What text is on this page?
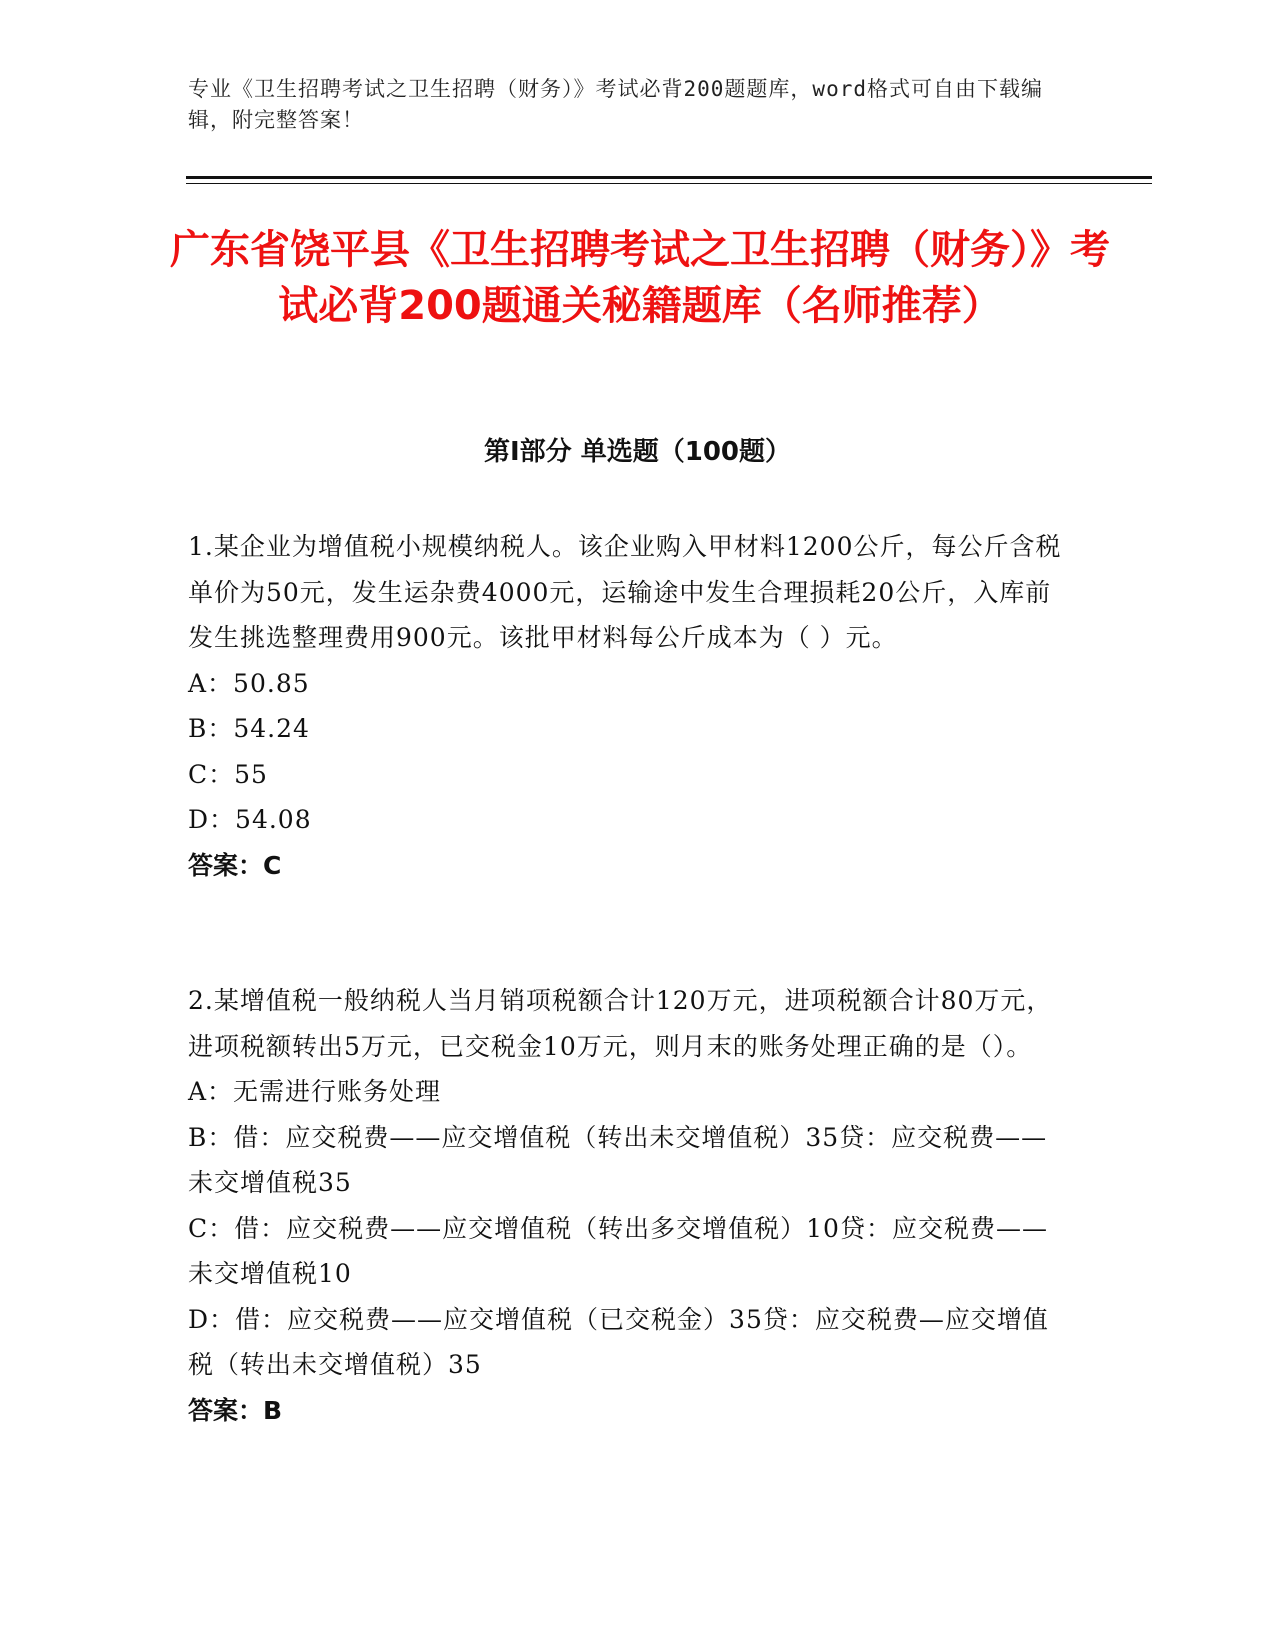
专业《卫生招聘考试之卫生招聘（财务）》考试必背200题题库，word格式可自由下载编辑，附完整答案！
广东省饶平县《卫生招聘考试之卫生招聘（财务）》考试必背200题通关秘籍题库（名师推荐）
第Ⅰ部分 单选题（100题）

1.某企业为增值税小规模纳税人。该企业购入甲材料1200公斤，每公斤含税单价为50元，发生运杂费4000元，运输途中发生合理损耗20公斤，入库前发生挑选整理费用900元。该批甲材料每公斤成本为（ ）元。

A：50.85

B：54.24

C：55

D：54.08

答案：C

2.某增值税一般纳税人当月销项税额合计120万元，进项税额合计80万元，进项税额转出5万元，已交税金10万元，则月末的账务处理正确的是（）。

A：无需进行账务处理

B：借：应交税费——应交增值税（转出未交增值税）35贷：应交税费——未交增值税35

C：借：应交税费——应交增值税（转出多交增值税）10贷：应交税费——未交增值税10

D：借：应交税费——应交增值税（已交税金）35贷：应交税费—应交增值税（转出未交增值税）35

答案：B
